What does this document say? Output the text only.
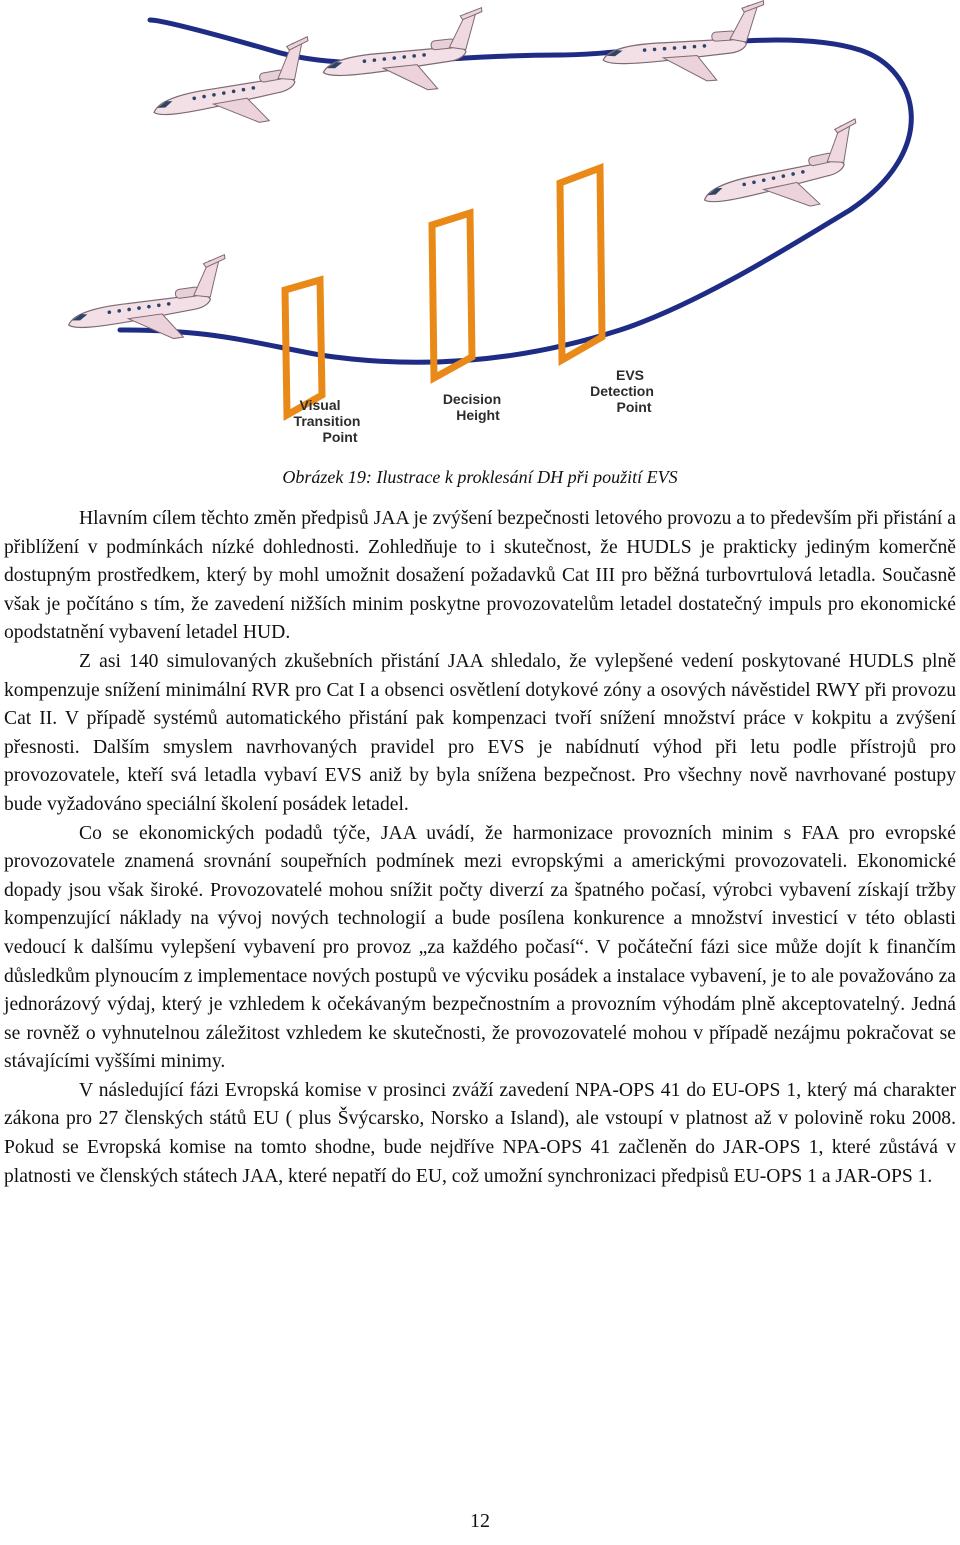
Visual
Transition
Point
Decision
Height
EVS
Detection
Point
Obrázek 19: Ilustrace k proklesání DH při použití EVS

Hlavním cílem těchto změn předpisů JAA je zvýšení bezpečnosti letového provozu a to především při přistání a přiblížení v podmínkách nízké dohlednosti. Zohledňuje to i skutečnost, že HUDLS je prakticky jediným komerčně dostupným prostředkem, který by mohl umožnit dosažení požadavků Cat III pro běžná turbovrtulová letadla. Současně však je počítáno s tím, že zavedení nižších minim poskytne provozovatelům letadel dostatečný impuls pro ekonomické opodstatnění vybavení letadel HUD.

Z asi 140 simulovaných zkušebních přistání JAA shledalo, že vylepšené vedení poskytované HUDLS plně kompenzuje snížení minimální RVR pro Cat I a obsenci osvětlení dotykové zóny a osových návěstidel RWY při provozu Cat II. V případě systémů automatického přistání pak kompenzaci tvoří snížení množství práce v kokpitu a zvýšení přesnosti. Dalším smyslem navrhovaných pravidel pro EVS je nabídnutí výhod při letu podle přístrojů pro provozovatele, kteří svá letadla vybaví EVS aniž by byla snížena bezpečnost. Pro všechny nově navrhované postupy bude vyžadováno speciální školení posádek letadel.

Co se ekonomických podadů týče, JAA uvádí, že harmonizace provozních minim s FAA pro evropské provozovatele znamená srovnání soupeřních podmínek mezi evropskými a americkými provozovateli. Ekonomické dopady jsou však široké. Provozovatelé mohou snížit počty diverzí za špatného počasí, výrobci vybavení získají tržby kompenzující náklady na vývoj nových technologií a bude posílena konkurence a množství investicí v této oblasti vedoucí k dalšímu vylepšení vybavení pro provoz „za každého počasí“. V počáteční fázi sice může dojít k finančím důsledkům plynoucím z implementace nových postupů ve výcviku posádek a instalace vybavení, je to ale považováno za jednorázový výdaj, který je vzhledem k očekávaným bezpečnostním a provozním výhodám plně akceptovatelný. Jedná se rovněž o vyhnutelnou záležitost vzhledem ke skutečnosti, že provozovatelé mohou v případě nezájmu pokračovat se stávajícími vyššími minimy.

V následující fázi Evropská komise v prosinci zváží zavedení NPA-OPS 41 do EU-OPS 1, který má charakter zákona pro 27 členských států EU ( plus Švýcarsko, Norsko a Island), ale vstoupí v platnost až v polovině roku 2008. Pokud se Evropská komise na tomto shodne, bude nejdříve NPA-OPS 41 začleněn do JAR-OPS 1, které zůstává v platnosti ve členských státech JAA, které nepatří do EU, což umožní synchronizaci předpisů EU-OPS 1 a JAR-OPS 1.

12
